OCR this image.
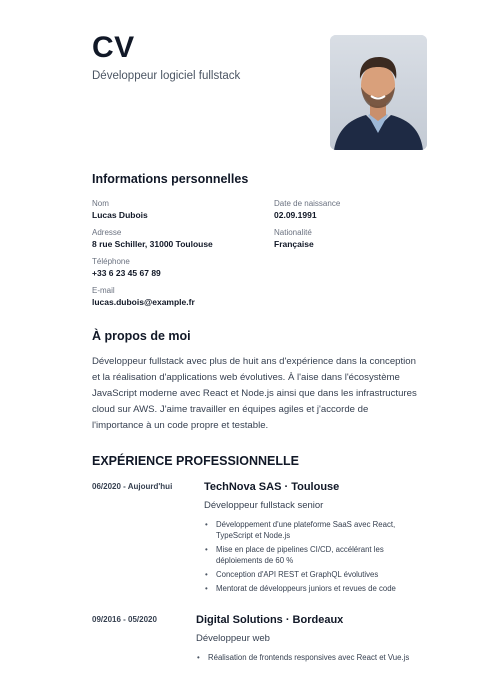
CV
Développeur logiciel fullstack
Informations personnelles
Nom
Lucas Dubois
Date de naissance
02.09.1991
Adresse
8 rue Schiller, 31000 Toulouse
Nationalité
Française
Téléphone
+33 6 23 45 67 89
E-mail
lucas.dubois@example.fr
À propos de moi
Développeur fullstack avec plus de huit ans d'expérience dans la conception et la réalisation d'applications web évolutives. À l'aise dans l'écosystème JavaScript moderne avec React et Node.js ainsi que dans les infrastructures cloud sur AWS. J'aime travailler en équipes agiles et j'accorde de l'importance à un code propre et testable.
EXPÉRIENCE PROFESSIONNELLE
06/2020 - Aujourd'hui	TechNova SAS · Toulouse
Développeur fullstack senior
• Développement d'une plateforme SaaS avec React, TypeScript et Node.js
• Mise en place de pipelines CI/CD, accélérant les déploiements de 60 %
• Conception d'API REST et GraphQL évolutives
• Mentorat de développeurs juniors et revues de code
09/2016 - 05/2020	Digital Solutions · Bordeaux
Développeur web
• Réalisation de frontends responsives avec React et Vue.js
